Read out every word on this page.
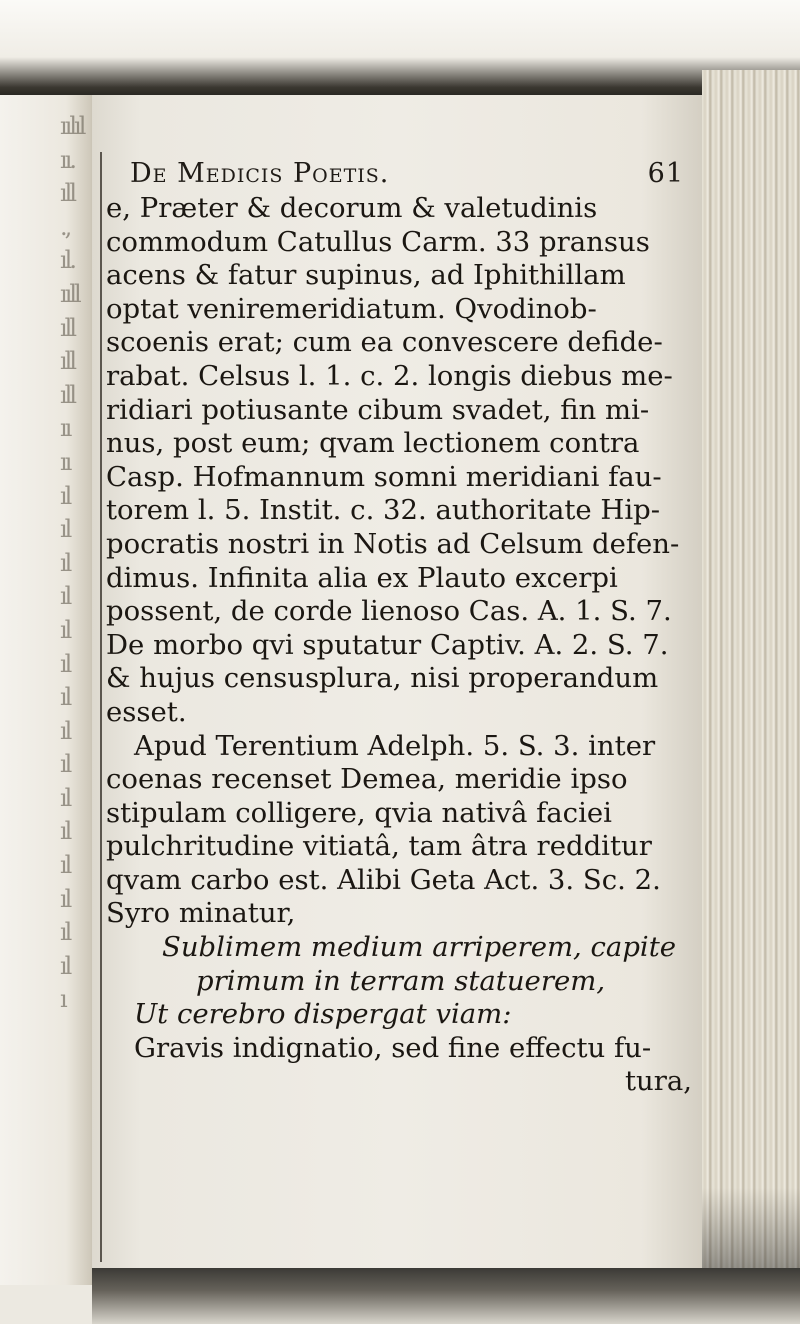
ıılıl
ıı.
ıll
.,
ıl.
ııll
ıll
ıll
ıll
ıı
ıı
ıl
ıl
ıl
ıl
ıl
ıl
ıl
ıl
ıl
ıl
ıl
ıl
ıl
ıl
ıl
ı
De Medicis Poetis.	61
e, Præter & decorum & valetudinis
commodum Catullus Carm. 33 pransus
acens & fatur supinus, ad Iphithillam
optat veniremeridiatum. Qvodinob-
scoenis erat; cum ea convescere defide-
rabat. Celsus l. 1. c. 2. longis diebus me-
ridiari potiusante cibum svadet, fin mi-
nus, post eum; qvam lectionem contra
Casp. Hofmannum somni meridiani fau-
torem l. 5. Instit. c. 32. authoritate Hip-
pocratis nostri in Notis ad Celsum defen-
dimus. Infinita alia ex Plauto excerpi
possent, de corde lienoso Cas. A. 1. S. 7.
De morbo qvi sputatur Captiv. A. 2. S. 7.
& hujus censusplura, nisi properandum
esset.
Apud Terentium Adelph. 5. S. 3. inter
coenas recenset Demea, meridie ipso
stipulam colligere, qvia nativâ faciei
pulchritudine vitiatâ, tam âtra redditur
qvam carbo est. Alibi Geta Act. 3. Sc. 2.
Syro minatur,
Sublimem medium arriperem, capite
primum in terram statuerem,
Ut cerebro dispergat viam:
Gravis indignatio, sed fine effectu fu-
tura,
